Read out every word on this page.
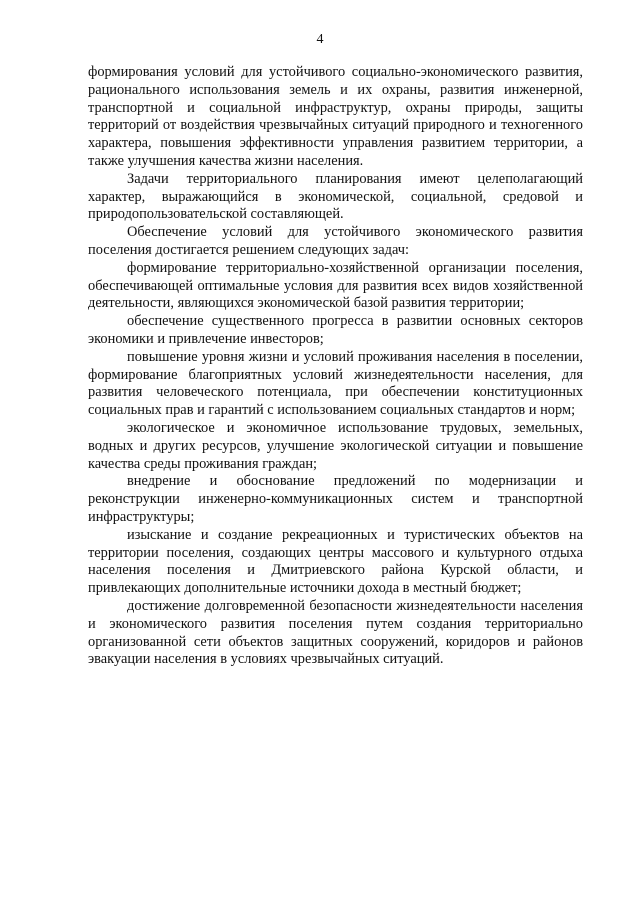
4

формирования условий для устойчивого социально-экономического развития, рационального использования земель и их охраны, развития инженерной, транспортной и социальной инфраструктур, охраны природы, защиты территорий от воздействия чрезвычайных ситуаций природного и техногенного характера, повышения эффективности управления развитием территории, а также улучшения качества жизни населения.

Задачи территориального планирования имеют целеполагающий характер, выражающийся в экономической, социальной, средовой и природопользовательской составляющей.

Обеспечение условий для устойчивого экономического развития поселения достигается решением следующих задач:

формирование территориально-хозяйственной организации поселения, обеспечивающей оптимальные условия для развития всех видов хозяйственной деятельности, являющихся экономической базой развития территории;

обеспечение существенного прогресса в развитии основных секторов экономики и привлечение инвесторов;

повышение уровня жизни и условий проживания населения в поселении, формирование благоприятных условий жизнедеятельности населения, для развития человеческого потенциала, при обеспечении конституционных социальных прав и гарантий с использованием социальных стандартов и норм;

экологическое и экономичное использование трудовых, земельных, водных и других ресурсов, улучшение экологической ситуации и повышение качества среды проживания граждан;

внедрение и обоснование предложений по модернизации и реконструкции инженерно-коммуникационных систем и транспортной инфраструктуры;

изыскание и создание рекреационных и туристических объектов на территории поселения, создающих центры массового и культурного отдыха населения поселения и Дмитриевского района Курской области, и привлекающих дополнительные источники дохода в местный бюджет;

достижение долговременной безопасности жизнедеятельности населения и экономического развития поселения путем создания территориально организованной сети объектов защитных сооружений, коридоров и районов эвакуации населения в условиях чрезвычайных ситуаций.
